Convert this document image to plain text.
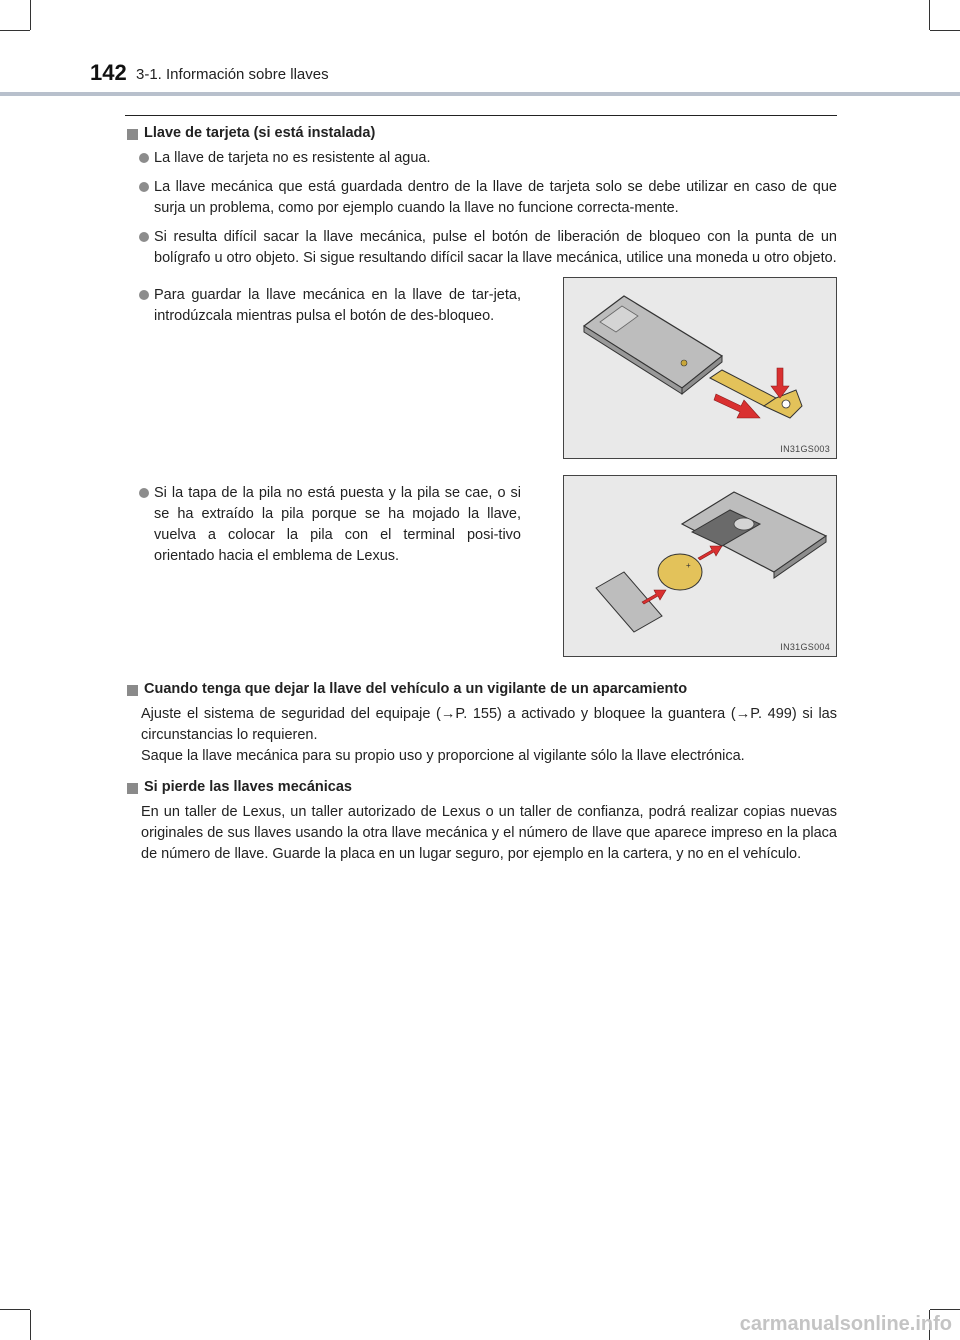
142 3-1. Información sobre llaves
Llave de tarjeta (si está instalada)
La llave de tarjeta no es resistente al agua.
La llave mecánica que está guardada dentro de la llave de tarjeta solo se debe utilizar en caso de que surja un problema, como por ejemplo cuando la llave no funcione correcta-mente.
Si resulta difícil sacar la llave mecánica, pulse el botón de liberación de bloqueo con la punta de un bolígrafo u otro objeto. Si sigue resultando difícil sacar la llave mecánica, utilice una moneda u otro objeto.
Para guardar la llave mecánica en la llave de tar-jeta, introdúzcala mientras pulsa el botón de des-bloqueo.
IN31GS003
Si la tapa de la pila no está puesta y la pila se cae, o si se ha extraído la pila porque se ha mojado la llave, vuelva a colocar la pila con el terminal posi-tivo orientado hacia el emblema de Lexus.
+
IN31GS004
Cuando tenga que dejar la llave del vehículo a un vigilante de un aparcamiento
Ajuste el sistema de seguridad del equipaje (→P. 155) a activado y bloquee la guantera (→P. 499) si las circunstancias lo requieren.
Saque la llave mecánica para su propio uso y proporcione al vigilante sólo la llave electrónica.
Si pierde las llaves mecánicas
En un taller de Lexus, un taller autorizado de Lexus o un taller de confianza, podrá realizar copias nuevas originales de sus llaves usando la otra llave mecánica y el número de llave que aparece impreso en la placa de número de llave. Guarde la placa en un lugar seguro, por ejemplo en la cartera, y no en el vehículo.
carmanualsonline.info
